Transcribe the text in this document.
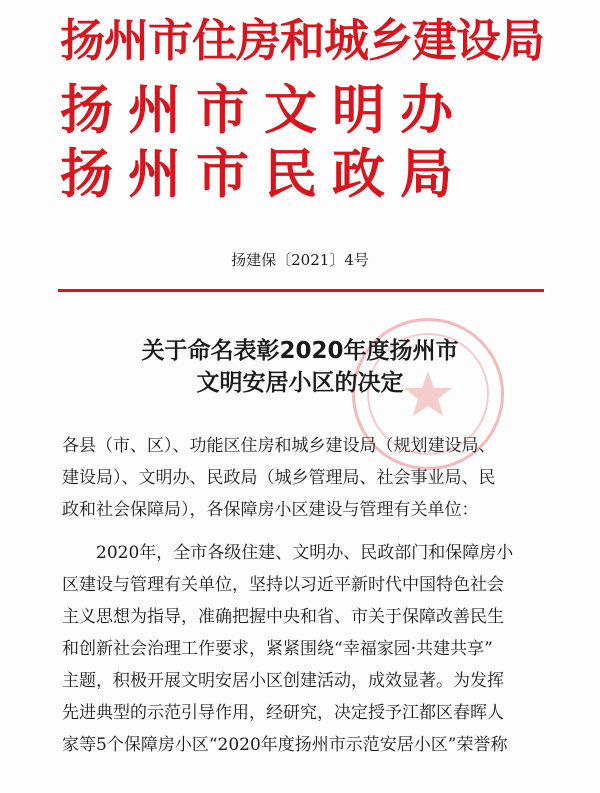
扬州市住房和城乡建设局
扬州市文明办
扬州市民政局
扬建保〔2021〕4号
关于命名表彰2020年度扬州市
文明安居小区的决定
各县（市、区）、功能区住房和城乡建设局（规划建设局、
建设局）、文明办、民政局（城乡管理局、社会事业局、民
政和社会保障局），各保障房小区建设与管理有关单位：
　　2020年，全市各级住建、文明办、民政部门和保障房小
区建设与管理有关单位，坚持以习近平新时代中国特色社会
主义思想为指导，准确把握中央和省、市关于保障改善民生
和创新社会治理工作要求，紧紧围绕“幸福家园·共建共享”
主题，积极开展文明安居小区创建活动，成效显著。为发挥
先进典型的示范引导作用，经研究，决定授予江都区春晖人
家等5个保障房小区“2020年度扬州市示范安居小区”荣誉称
